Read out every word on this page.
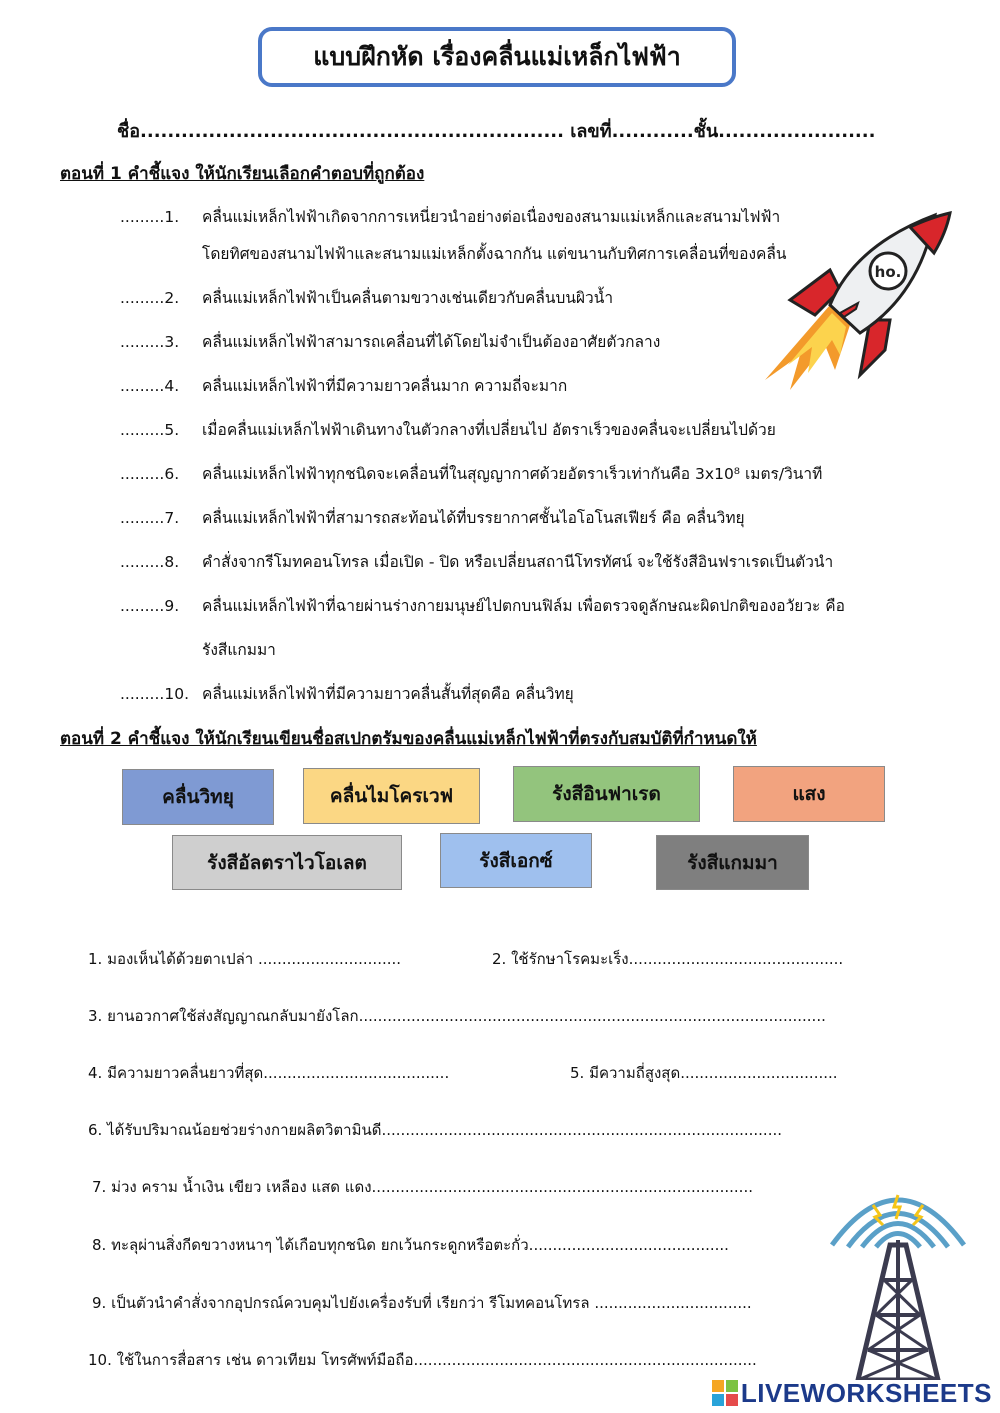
แบบฝึกหัด เรื่องคลื่นแม่เหล็กไฟฟ้า
ชื่อ.............................................................. เลขที่............ชั้น.......................
ตอนที่ 1 คำชี้แจง ให้นักเรียนเลือกคำตอบที่ถูกต้อง
.........1. คลื่นแม่เหล็กไฟฟ้าเกิดจากการเหนี่ยวนำอย่างต่อเนื่องของสนามแม่เหล็กและสนามไฟฟ้า
โดยทิศของสนามไฟฟ้าและสนามแม่เหล็กตั้งฉากกัน แต่ขนานกับทิศการเคลื่อนที่ของคลื่น
.........2. คลื่นแม่เหล็กไฟฟ้าเป็นคลื่นตามขวางเช่นเดียวกับคลื่นบนผิวน้ำ
.........3. คลื่นแม่เหล็กไฟฟ้าสามารถเคลื่อนที่ได้โดยไม่จำเป็นต้องอาศัยตัวกลาง
.........4. คลื่นแม่เหล็กไฟฟ้าที่มีความยาวคลื่นมาก ความถี่จะมาก
.........5. เมื่อคลื่นแม่เหล็กไฟฟ้าเดินทางในตัวกลางที่เปลี่ยนไป อัตราเร็วของคลื่นจะเปลี่ยนไปด้วย
.........6. คลื่นแม่เหล็กไฟฟ้าทุกชนิดจะเคลื่อนที่ในสุญญากาศด้วยอัตราเร็วเท่ากันคือ 3x10⁸ เมตร/วินาที
.........7. คลื่นแม่เหล็กไฟฟ้าที่สามารถสะท้อนได้ที่บรรยากาศชั้นไอโอโนสเฟียร์ คือ คลื่นวิทยุ
.........8. คำสั่งจากรีโมทคอนโทรล เมื่อเปิด - ปิด หรือเปลี่ยนสถานีโทรทัศน์ จะใช้รังสีอินฟราเรดเป็นตัวนำ
.........9. คลื่นแม่เหล็กไฟฟ้าที่ฉายผ่านร่างกายมนุษย์ไปตกบนฟิล์ม เพื่อตรวจดูลักษณะผิดปกติของอวัยวะ คือ
รังสีแกมมา
.........10. คลื่นแม่เหล็กไฟฟ้าที่มีความยาวคลื่นสั้นที่สุดคือ คลื่นวิทยุ
ho.
ตอนที่ 2 คำชี้แจง ให้นักเรียนเขียนชื่อสเปกตรัมของคลื่นแม่เหล็กไฟฟ้าที่ตรงกับสมบัติที่กำหนดให้
คลื่นวิทยุ	คลื่นไมโครเวฟ	รังสีอินฟาเรด	แสง
รังสีอัลตราไวโอเลต	รังสีเอกซ์	รังสีแกมมา
1. มองเห็นได้ด้วยตาเปล่า ..............................	2. ใช้รักษาโรคมะเร็ง.............................................
3. ยานอวกาศใช้ส่งสัญญาณกลับมายังโลก..................................................................................................
4. มีความยาวคลื่นยาวที่สุด.......................................	5. มีความถี่สูงสุด.................................
6. ได้รับปริมาณน้อยช่วยร่างกายผลิตวิตามินดี....................................................................................
7. ม่วง คราม น้ำเงิน เขียว เหลือง แสด แดง................................................................................
8. ทะลุผ่านสิ่งกีดขวางหนาๆ ได้เกือบทุกชนิด ยกเว้นกระดูกหรือตะกั่ว..........................................
9. เป็นตัวนำคำสั่งจากอุปกรณ์ควบคุมไปยังเครื่องรับที่ เรียกว่า รีโมทคอนโทรล .................................
10. ใช้ในการสื่อสาร เช่น ดาวเทียม โทรศัพท์มือถือ........................................................................
LIVEWORKSHEETS
